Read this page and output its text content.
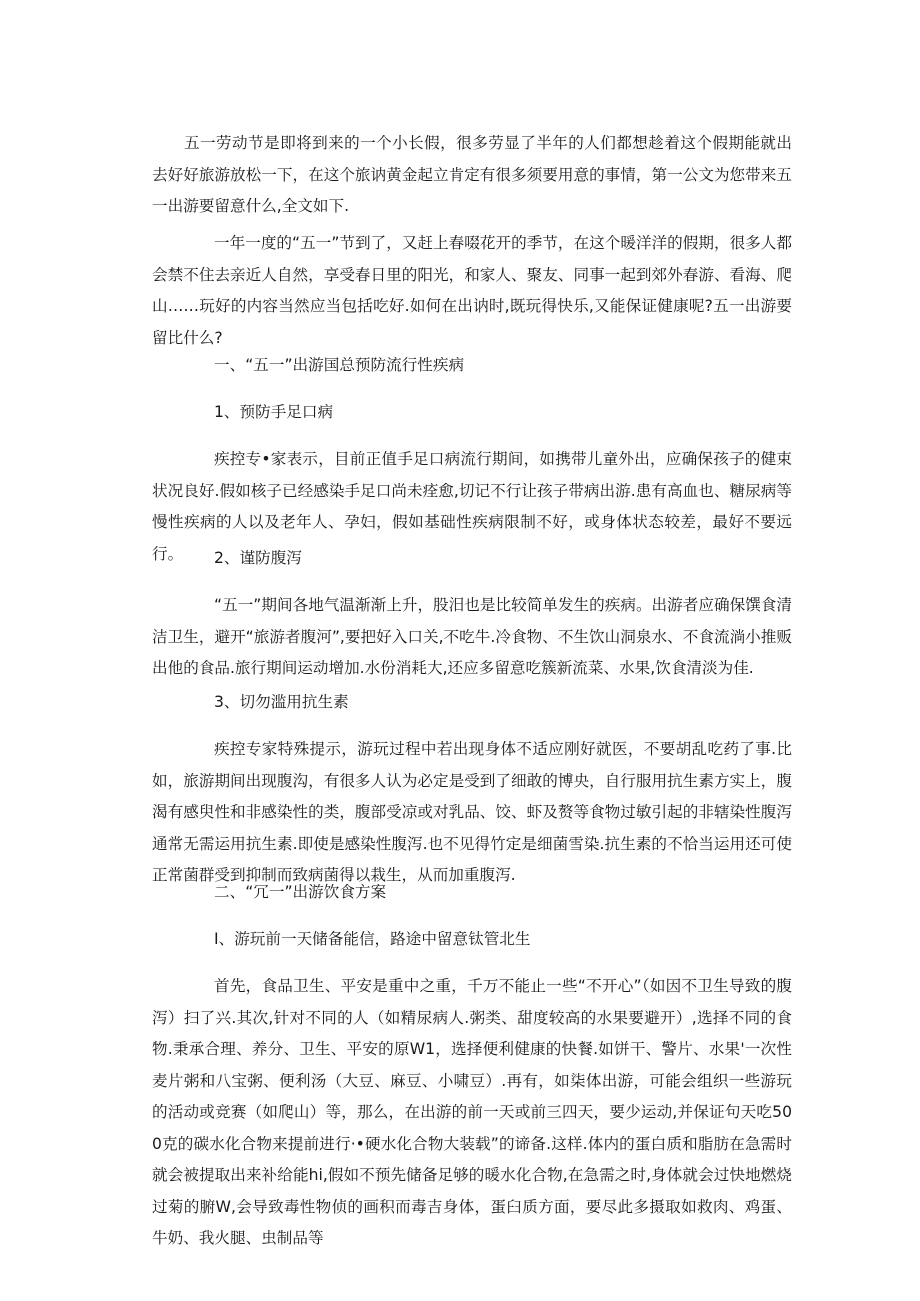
五一劳动节是即将到来的一个小长假，很多劳显了半年的人们都想趁着这个假期能就出去好好旅游放松一下，在这个旅讷黄金起立肯定有很多须要用意的事情，第一公文为您带来五一出游要留意什么,全文如下.

一年一度的“五一”节到了，又赶上春啜花开的季节，在这个暖洋洋的假期，很多人都会禁不住去亲近人自然，享受春日里的阳光，和家人、聚友、同事一起到郊外春游、看海、爬山……玩好的内容当然应当包括吃好.如何在出讷时,既玩得快乐,又能保证健康呢?五一出游要留比什么?

一、“五一”出游国总预防流行性疾病

1、预防手足口病

疾控专•家表示，目前正值手足口病流行期间，如携带儿童外出，应确保孩子的健束状况良好.假如核子已经感染手足口尚未痊愈,切记不行让孩子带病出游.患有高血也、糖尿病等慢性疾病的人以及老年人、孕妇，假如基础性疾病限制不好，或身体状态较差，最好不要远行。	2、谨防腹泻

“五一”期间各地气温渐渐上升，股汨也是比较简单发生的疾病。出游者应确保馔食清洁卫生，避开“旅游者腹河”,要把好入口关,不吃牛.冷食物、不生饮山洞泉水、不食流淌小推贩出他的食品.旅行期间运动增加.水份消耗大,还应多留意吃簇新流菜、水果,饮食清淡为佳.

3、切勿滥用抗生素

疾控专家特殊提示，游玩过程中若出现身体不适应刚好就医，不要胡乱吃药了事.比如，旅游期间出现腹沟，有很多人认为必定是受到了细敢的博央，自行服用抗生素方实上，腹渴有感臾性和非感染性的类，腹部受凉或对乳品、饺、虾及赘等食物过敏引起的非辖染性腹泻通常无需运用抗生素.即使是感染性腹泻.也不见得竹定是细菌雪染.抗生素的不恰当运用还可使正常菌群受到抑制而致病菌得以栽生，从而加重腹泻.

二、“冗一”出游饮食方案

I、游玩前一天储备能信，路途中留意钛管北生

首先，食品卫生、平安是重中之重，千万不能止一些“不开心”（如因不卫生导致的腹泻）扫了兴.其次,针对不同的人（如精尿病人.粥类、甜度较高的水果要避开）,选择不同的食物.秉承合理、养分、卫生、平安的原W1，选择便利健康的快餐.如饼干、警片、水果'一次性麦片粥和八宝粥、便利汤（大豆、麻豆、小啸豆）.再有，如柒体出游，可能会组织一些游玩的活动或竞赛（如爬山）等，那么，在出游的前一天或前三四天，要少运动,并保证句天吃500克的碳水化合物来提前进行·•硬水化合物大装载”的谛备.这样.体内的蛋白质和脂肪在急需时就会被提取出来补给能hi,假如不预先储备足够的暖水化合物,在急需之时,身体就会过快地燃烧过菊的腑W,会导致毒性物侦的画积而毒吉身体，蛋臼质方面，要尽此多摄取如救肉、鸡蛋、牛奶、我火腿、虫制品等
